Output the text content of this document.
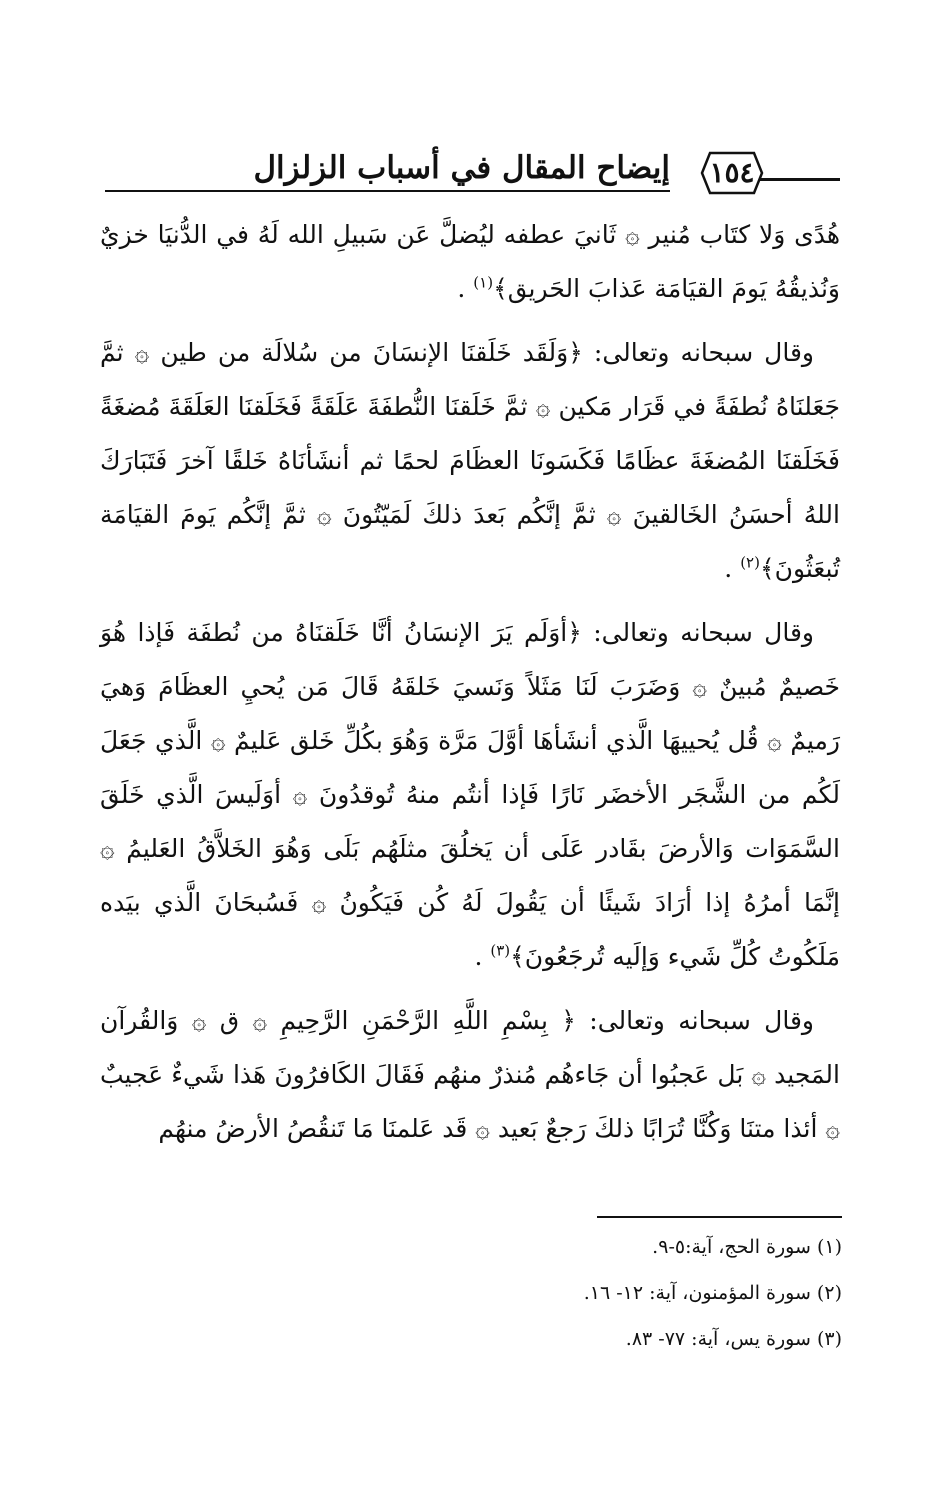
إيضاح المقال في أسباب الزلزال	١٥٤

هُدًى وَلا كتَاب مُنير ۞ ثَانيَ عطفه ليُضلَّ عَن سَبيلِ الله لَهُ في الدُّنيَا خزيٌ وَنُذيقُهُ يَومَ القيَامَة عَذابَ الحَريق﴾$^{(١)}$ .

وقال سبحانه وتعالى: ﴿وَلَقَد خَلَقنَا الإنسَانَ من سُلالَة من طين ۞ ثمَّ جَعَلنَاهُ نُطفَةً في قَرَار مَكين ۞ ثمَّ خَلَقنَا النُّطفَةَ عَلَقَةً فَخَلَقنَا العَلَقَةَ مُضغَةً فَخَلَقنَا المُضغَةَ عظَامًا فَكَسَونَا العظَامَ لحمًا ثم أنشَأنَاهُ خَلقًا آخرَ فَتَبَارَكَ اللهُ أحسَنُ الخَالقينَ ۞ ثمَّ إنَّكُم بَعدَ ذلكَ لَمَيّتُونَ ۞ ثمَّ إنَّكُم يَومَ القيَامَة تُبعَثُونَ﴾$^{(٢)}$ .

وقال سبحانه وتعالى: ﴿أوَلَم يَرَ الإنسَانُ أنَّا خَلَقنَاهُ من نُطفَة فَإذا هُوَ خَصيمٌ مُبينٌ ۞ وَضَرَبَ لَنَا مَثَلاً وَنَسيَ خَلقَهُ قَالَ مَن يُحيِ العظَامَ وَهيَ رَميمٌ ۞ قُل يُحييهَا الَّذي أنشَأهَا أوَّلَ مَرَّة وَهُوَ بكُلِّ خَلق عَليمٌ ۞ الَّذي جَعَلَ لَكُم من الشَّجَر الأخضَر نَارًا فَإذا أنتُم منهُ تُوقدُونَ ۞ أوَلَيسَ الَّذي خَلَقَ السَّمَوَات وَالأرضَ بقَادر عَلَى أن يَخلُقَ مثلَهُم بَلَى وَهُوَ الخَلاَّقُ العَليمُ ۞ إنَّمَا أمرُهُ إذا أرَادَ شَيئًا أن يَقُولَ لَهُ كُن فَيَكُونُ ۞ فَسُبحَانَ الَّذي بيَده مَلَكُوتُ كُلِّ شَيء وَإلَيه تُرجَعُونَ﴾$^{(٣)}$ .

وقال سبحانه وتعالى: ﴿ بِسْمِ اللَّهِ الرَّحْمَنِ الرَّحِيمِ ۞ ق ۞ وَالقُرآن المَجيد ۞ بَل عَجبُوا أن جَاءهُم مُنذرٌ منهُم فَقَالَ الكَافرُونَ هَذا شَيءٌ عَجيبٌ ۞ أئذا متنَا وَكُنَّا تُرَابًا ذلكَ رَجعٌ بَعيد ۞ قَد عَلمنَا مَا تَنقُصُ الأرضُ منهُم

(١) سورة الحج، آية:٥-٩.

(٢) سورة المؤمنون، آية: ١٢- ١٦.

(٣) سورة يس، آية: ٧٧- ٨٣.
